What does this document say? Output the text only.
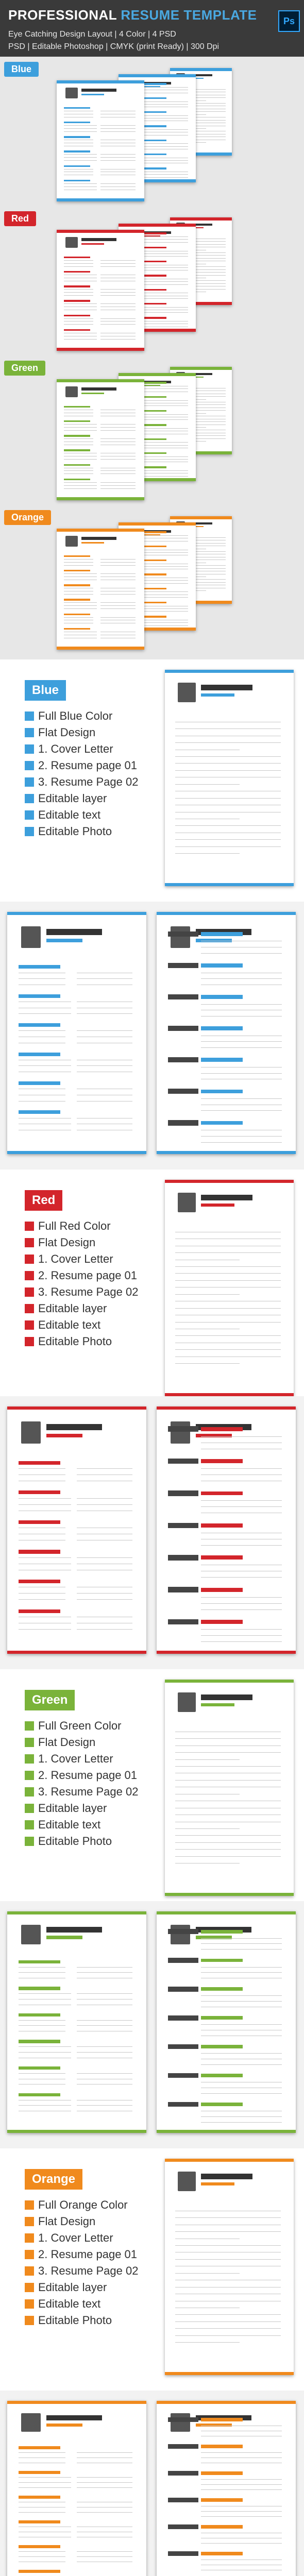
PROFESSIONAL RESUME TEMPLATE
Eye Catching Design Layout | 4 Color | 4 PSD
PSD | Editable Photoshop | CMYK (print Ready) | 300 Dpi
Ps
Blue
Red
Green
Orange
Blue
Full Blue Color
Flat Design
1. Cover Letter
2. Resume page 01
3. Resume Page 02
Editable layer
Editable text
Editable Photo
Red
Full Red Color
Flat Design
1. Cover Letter
2. Resume page 01
3. Resume Page 02
Editable layer
Editable text
Editable Photo
Green
Full Green Color
Flat Design
1. Cover Letter
2. Resume page 01
3. Resume Page 02
Editable layer
Editable text
Editable Photo
Orange
Full Orange Color
Flat Design
1. Cover Letter
2. Resume page 01
3. Resume Page 02
Editable layer
Editable text
Editable Photo
